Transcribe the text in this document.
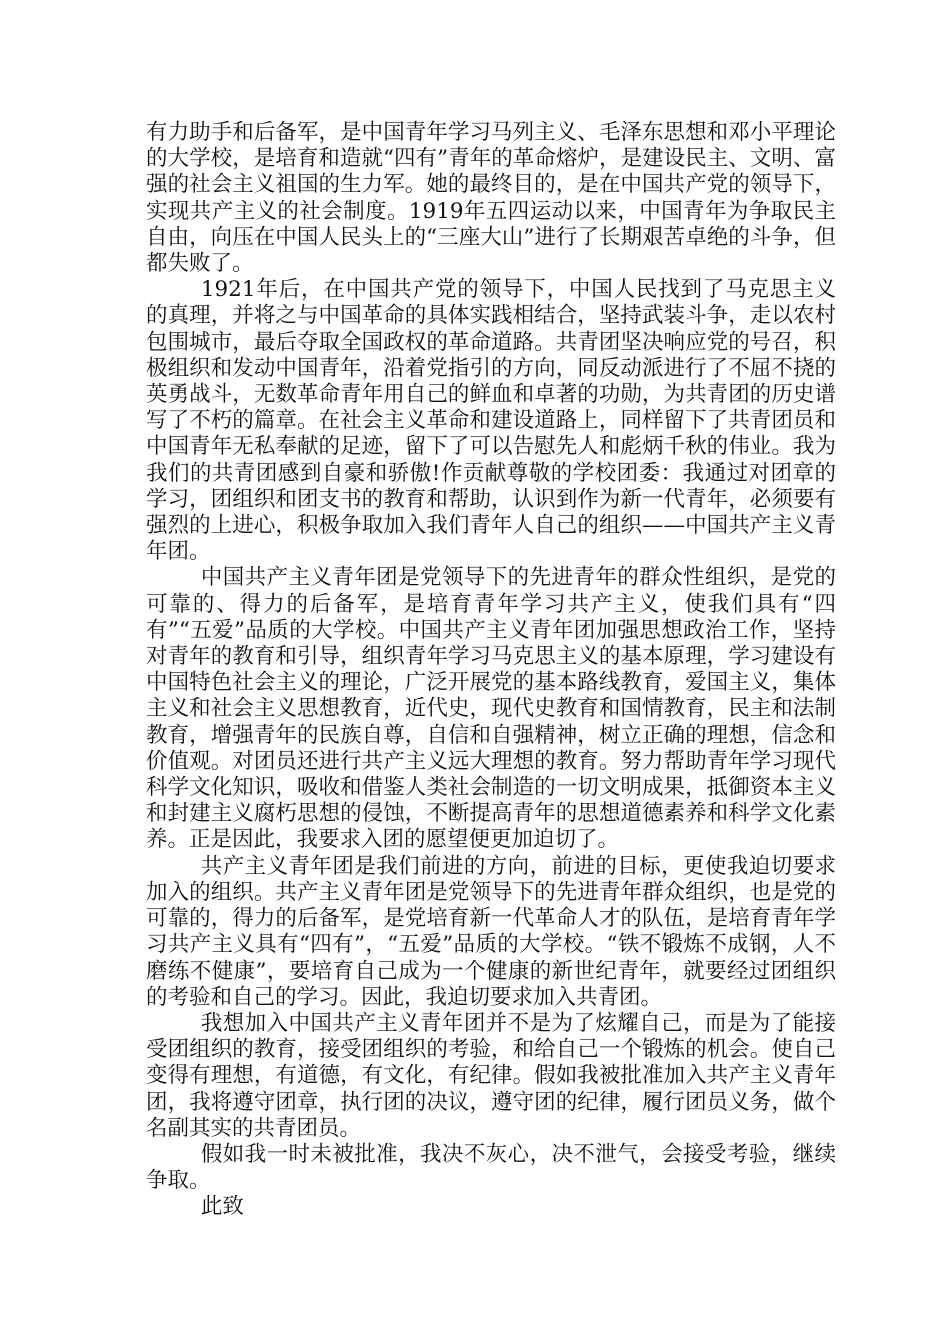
有力助手和后备军，是中国青年学习马列主义、毛泽东思想和邓小平理论的大学校，是培育和造就“四有”青年的革命熔炉，是建设民主、文明、富强的社会主义祖国的生力军。她的最终目的，是在中国共产党的领导下，实现共产主义的社会制度。1919年五四运动以来，中国青年为争取民主自由，向压在中国人民头上的“三座大山”进行了长期艰苦卓绝的斗争，但都失败了。

1921年后，在中国共产党的领导下，中国人民找到了马克思主义的真理，并将之与中国革命的具体实践相结合，坚持武装斗争，走以农村包围城市，最后夺取全国政权的革命道路。共青团坚决响应党的号召，积极组织和发动中国青年，沿着党指引的方向，同反动派进行了不屈不挠的英勇战斗，无数革命青年用自己的鲜血和卓著的功勋，为共青团的历史谱写了不朽的篇章。在社会主义革命和建设道路上，同样留下了共青团员和中国青年无私奉献的足迹，留下了可以告慰先人和彪炳千秋的伟业。我为我们的共青团感到自豪和骄傲!作贡献尊敬的学校团委：我通过对团章的学习，团组织和团支书的教育和帮助，认识到作为新一代青年，必须要有强烈的上进心，积极争取加入我们青年人自己的组织——中国共产主义青年团。

中国共产主义青年团是党领导下的先进青年的群众性组织，是党的可靠的、得力的后备军，是培育青年学习共产主义，使我们具有“四有”“五爱”品质的大学校。中国共产主义青年团加强思想政治工作，坚持对青年的教育和引导，组织青年学习马克思主义的基本原理，学习建设有中国特色社会主义的理论，广泛开展党的基本路线教育，爱国主义，集体主义和社会主义思想教育，近代史，现代史教育和国情教育，民主和法制教育，增强青年的民族自尊，自信和自强精神，树立正确的理想，信念和价值观。对团员还进行共产主义远大理想的教育。努力帮助青年学习现代科学文化知识，吸收和借鉴人类社会制造的一切文明成果，抵御资本主义和封建主义腐朽思想的侵蚀，不断提高青年的思想道德素养和科学文化素养。正是因此，我要求入团的愿望便更加迫切了。

共产主义青年团是我们前进的方向，前进的目标，更使我迫切要求加入的组织。共产主义青年团是党领导下的先进青年群众组织，也是党的可靠的，得力的后备军，是党培育新一代革命人才的队伍，是培育青年学习共产主义具有“四有”，“五爱”品质的大学校。“铁不锻炼不成钢，人不磨练不健康”，要培育自己成为一个健康的新世纪青年，就要经过团组织的考验和自己的学习。因此，我迫切要求加入共青团。

我想加入中国共产主义青年团并不是为了炫耀自己，而是为了能接受团组织的教育，接受团组织的考验，和给自己一个锻炼的机会。使自己变得有理想，有道德，有文化，有纪律。假如我被批准加入共产主义青年团，我将遵守团章，执行团的决议，遵守团的纪律，履行团员义务，做个名副其实的共青团员。

假如我一时未被批准，我决不灰心，决不泄气，会接受考验，继续争取。

此致
